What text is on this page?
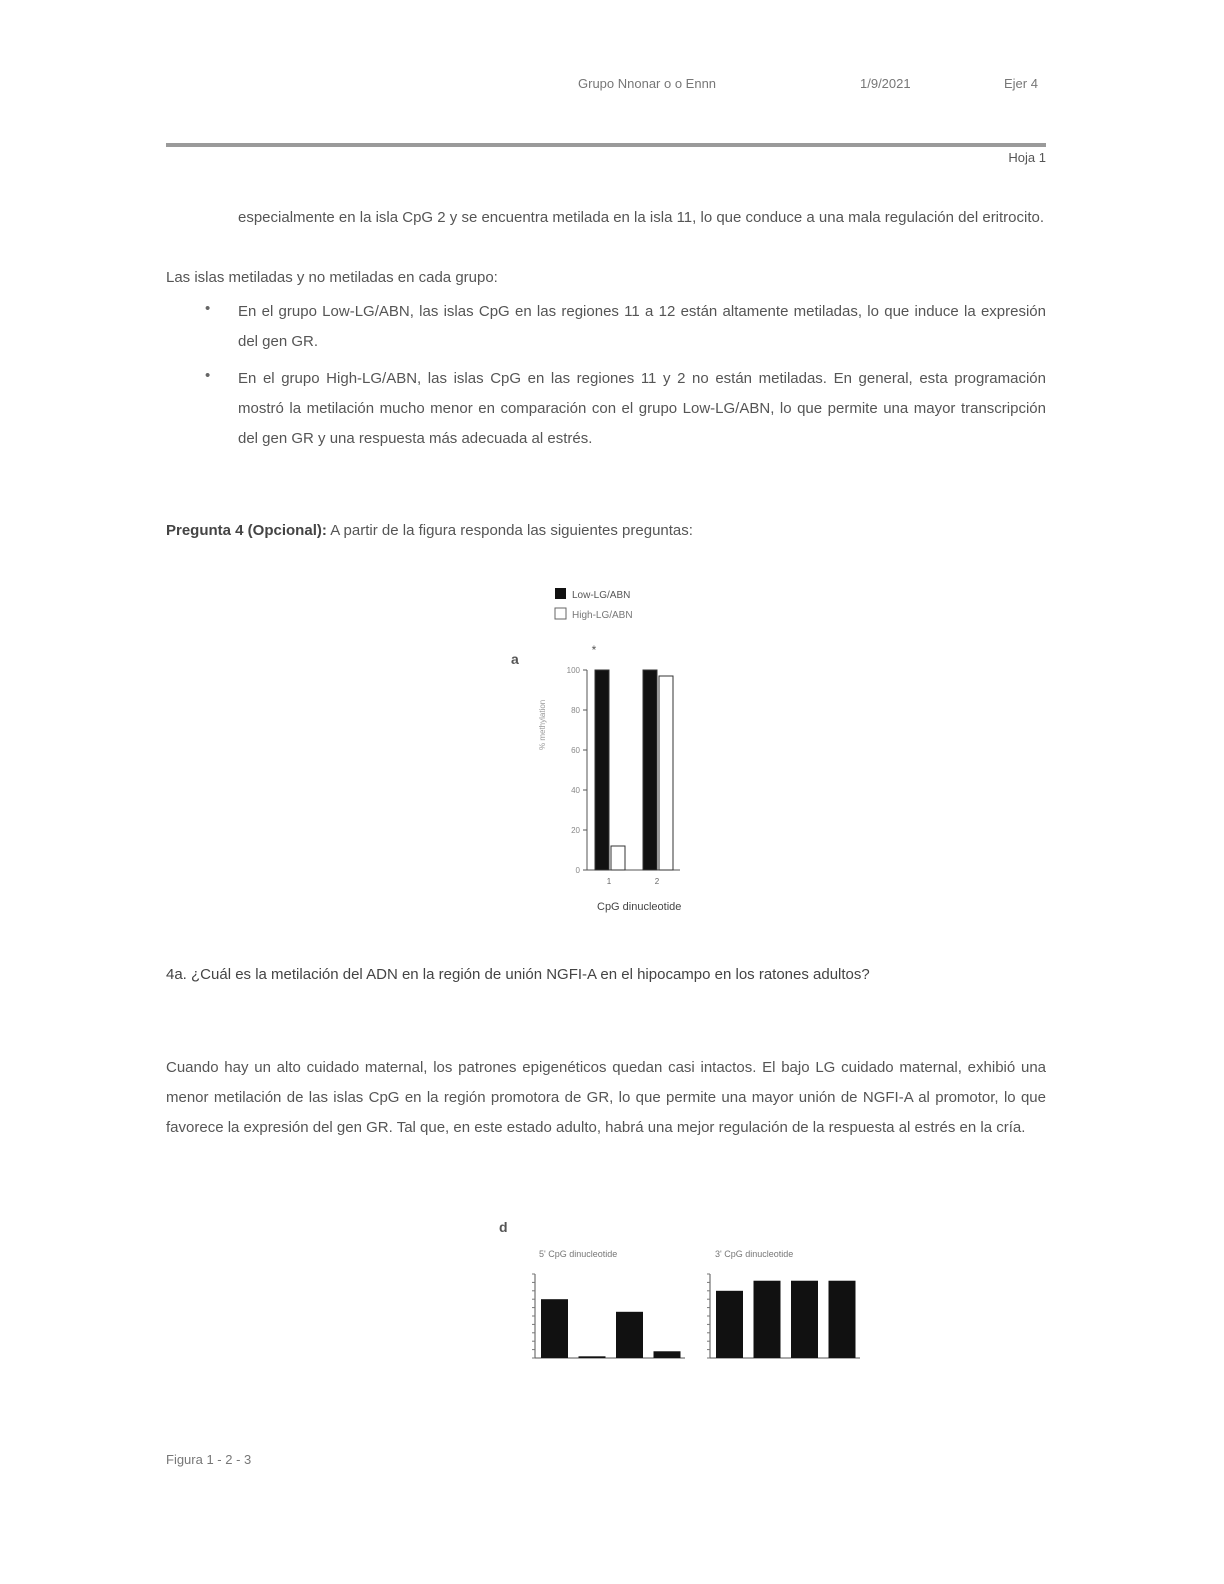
Grupo Nnonar o o Ennn	1/9/2021	Ejer 4
Hoja 1
especialmente en la isla CpG 2 y se encuentra metilada en la isla 11, lo que conduce a una mala regulación del eritrocito.
Las islas metiladas y no metiladas en cada grupo:
• En el grupo Low-LG/ABN, las islas CpG en las regiones 11 a 12 están altamente metiladas, lo que induce la expresión del gen GR.
• En el grupo High-LG/ABN, las islas CpG en las regiones 11 y 2 no están metiladas. En general, esta programación mostró la metilación mucho menor en comparación con el grupo Low-LG/ABN, lo que permite una mayor transcripción del gen GR y una respuesta más adecuada al estrés.
Pregunta 4 (Opcional): A partir de la figura responda las siguientes preguntas:
Low-LG/ABN
High-LG/ABN
a
*
% methylation
0
20
40
60
80
100
1	2
CpG dinucleotide
4a. ¿Cuál es la metilación del ADN en la región de unión NGFI-A en el hipocampo en los ratones adultos?
Cuando hay un alto cuidado maternal, los patrones epigenéticos quedan casi intactos. El bajo LG cuidado maternal, exhibió una menor metilación de las islas CpG en la región promotora de GR, lo que permite una mayor unión de NGFI-A al promotor, lo que favorece la expresión del gen GR. Tal que, en este estado adulto, habrá una mejor regulación de la respuesta al estrés en la cría.
d
5' CpG dinucleotide	3' CpG dinucleotide
Figura 1 - 2 - 3
